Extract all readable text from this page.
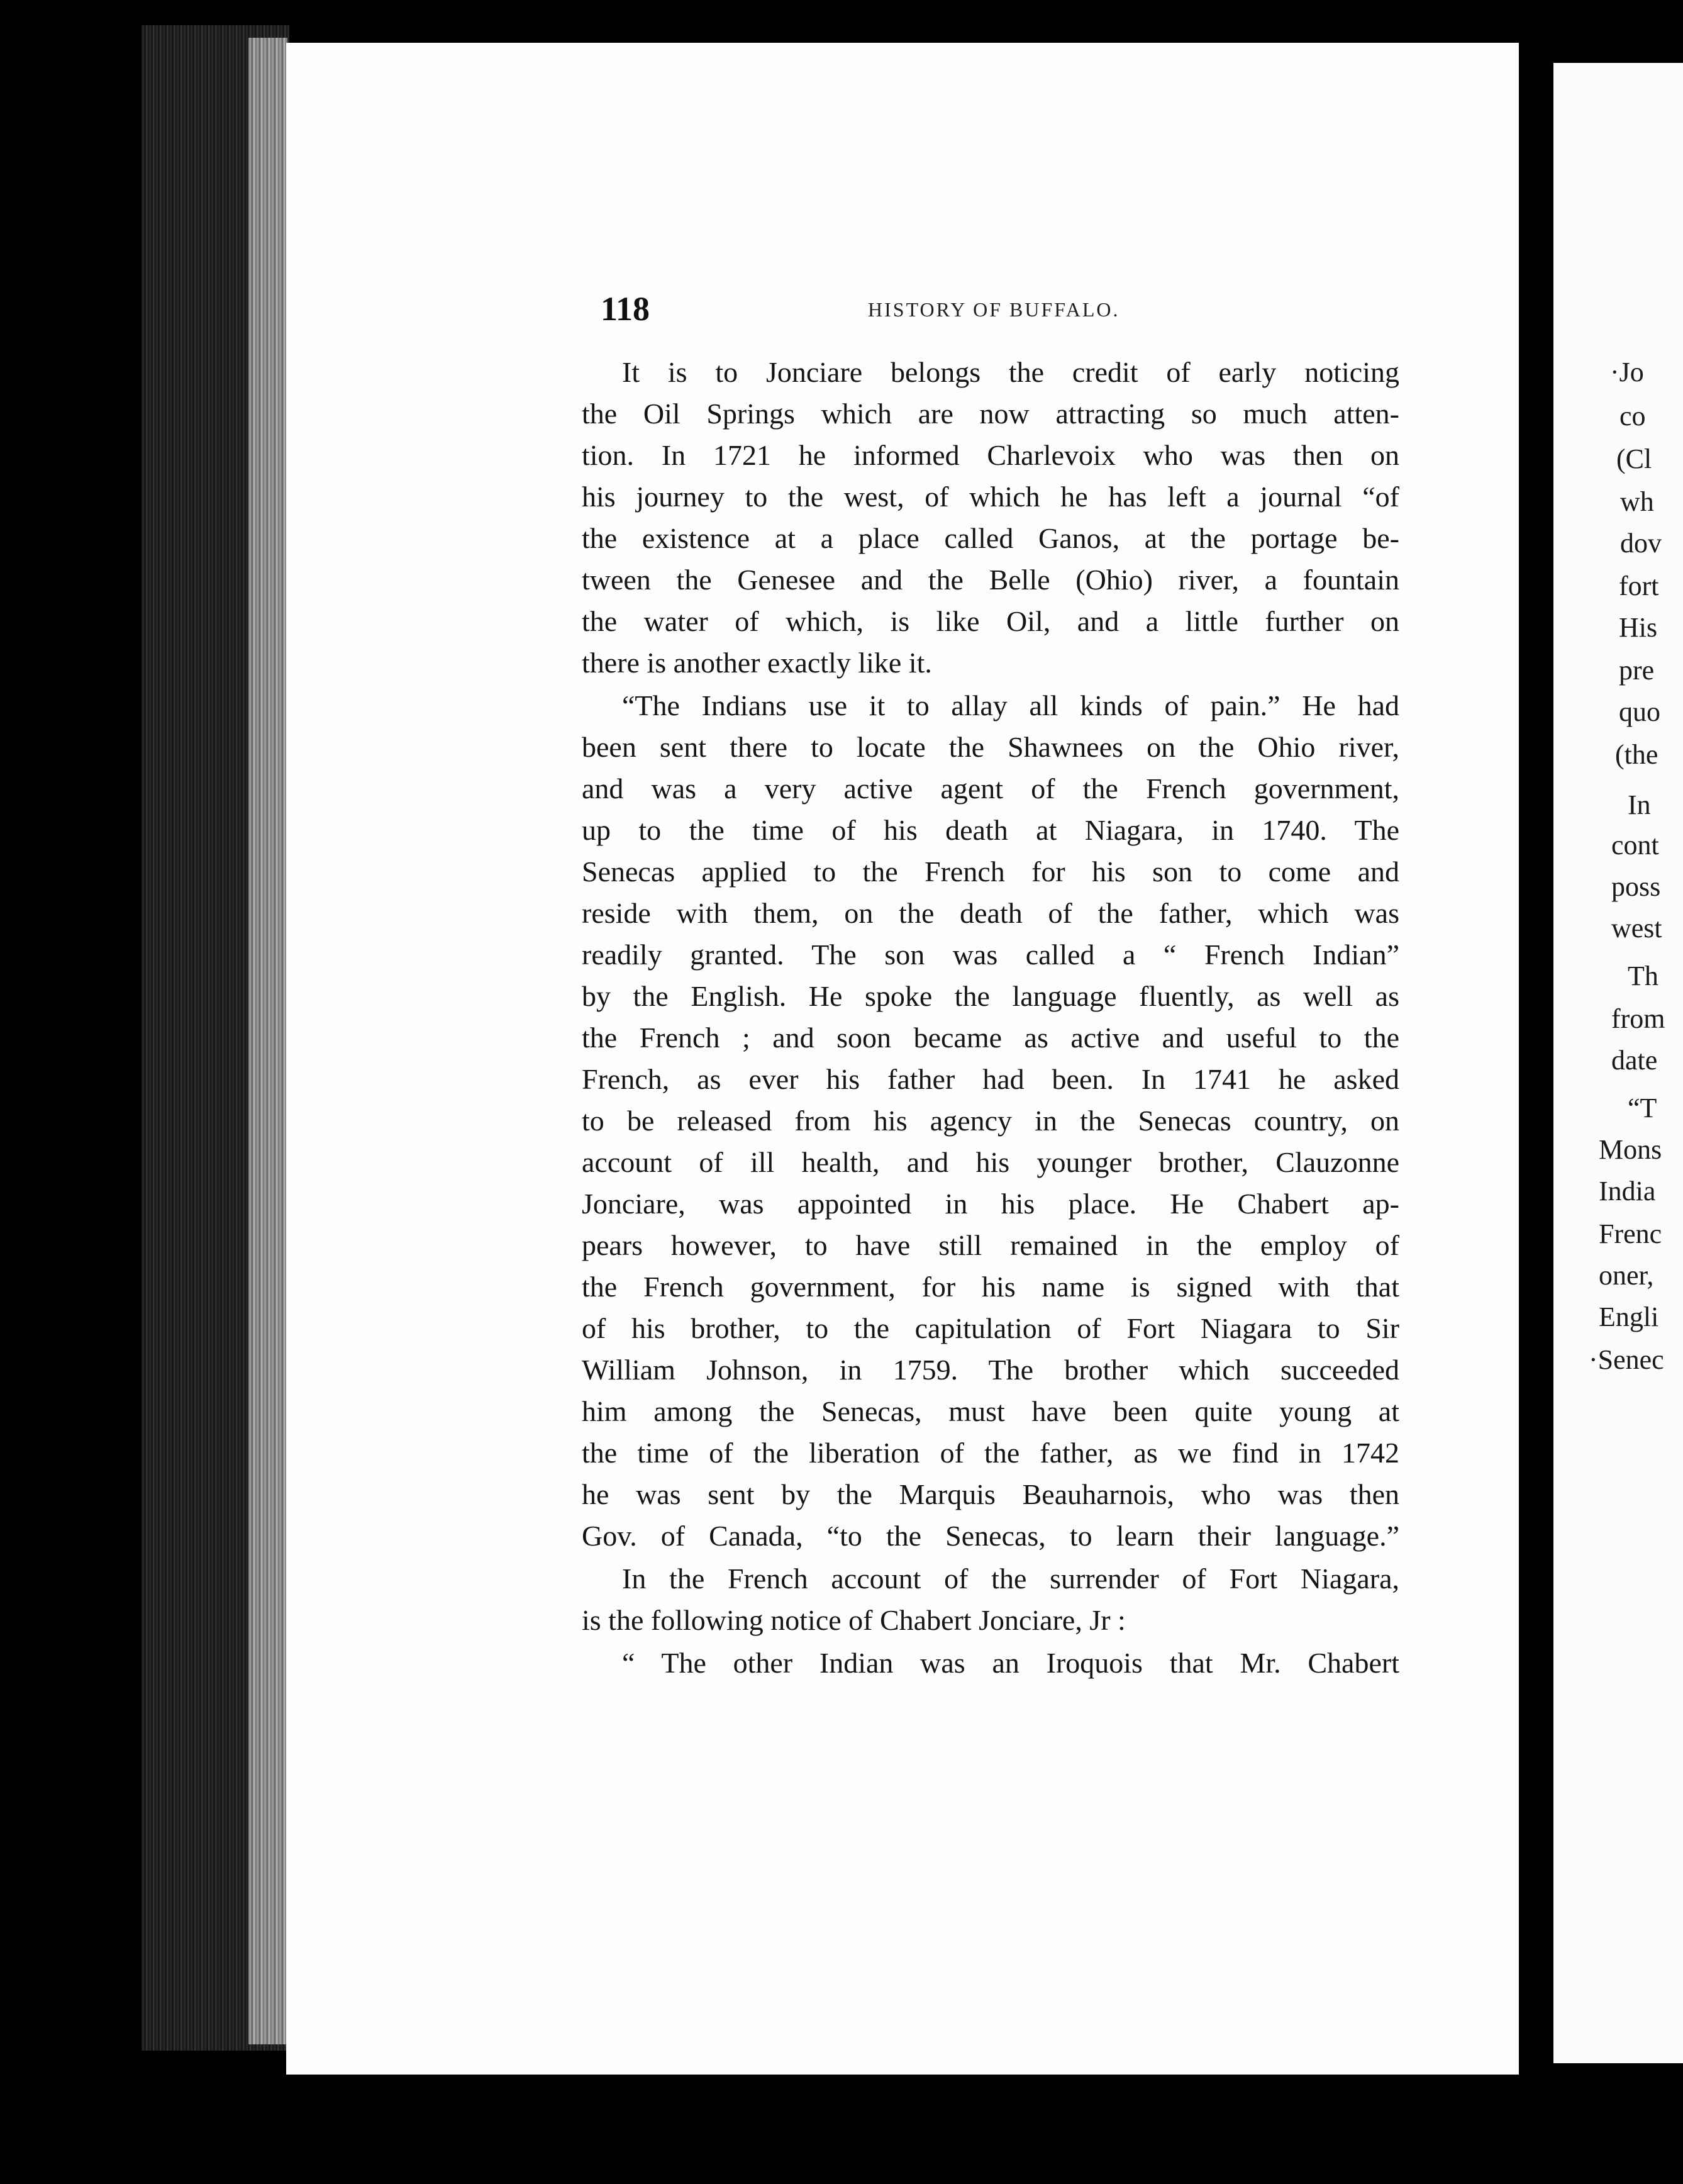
·Jo
co
(Cl
wh
dov
fort
His
pre
quo
(the
In
cont
poss
west
Th
from
date
“T
Mons
India
Frenc
oner,
Engli
·Senec
118	HISTORY OF BUFFALO.
It is to Jonciare belongs the credit of early noticing
the Oil Springs which are now attracting so much atten-
tion. In 1721 he informed Charlevoix who was then on
his journey to the west, of which he has left a journal “of
the existence at a place called Ganos, at the portage be-
tween the Genesee and the Belle (Ohio) river, a fountain
the water of which, is like Oil, and a little further on
there is another exactly like it.
“The Indians use it to allay all kinds of pain.” He had
been sent there to locate the Shawnees on the Ohio river,
and was a very active agent of the French government,
up to the time of his death at Niagara, in 1740. The
Senecas applied to the French for his son to come and
reside with them, on the death of the father, which was
readily granted. The son was called a “ French Indian”
by the English. He spoke the language fluently, as well as
the French ; and soon became as active and useful to the
French, as ever his father had been. In 1741 he asked
to be released from his agency in the Senecas country, on
account of ill health, and his younger brother, Clauzonne
Jonciare, was appointed in his place. He Chabert ap-
pears however, to have still remained in the employ of
the French government, for his name is signed with that
of his brother, to the capitulation of Fort Niagara to Sir
William Johnson, in 1759. The brother which succeeded
him among the Senecas, must have been quite young at
the time of the liberation of the father, as we find in 1742
he was sent by the Marquis Beauharnois, who was then
Gov. of Canada, “to the Senecas, to learn their language.”
In the French account of the surrender of Fort Niagara,
is the following notice of Chabert Jonciare, Jr :
“ The other Indian was an Iroquois that Mr. Chabert
